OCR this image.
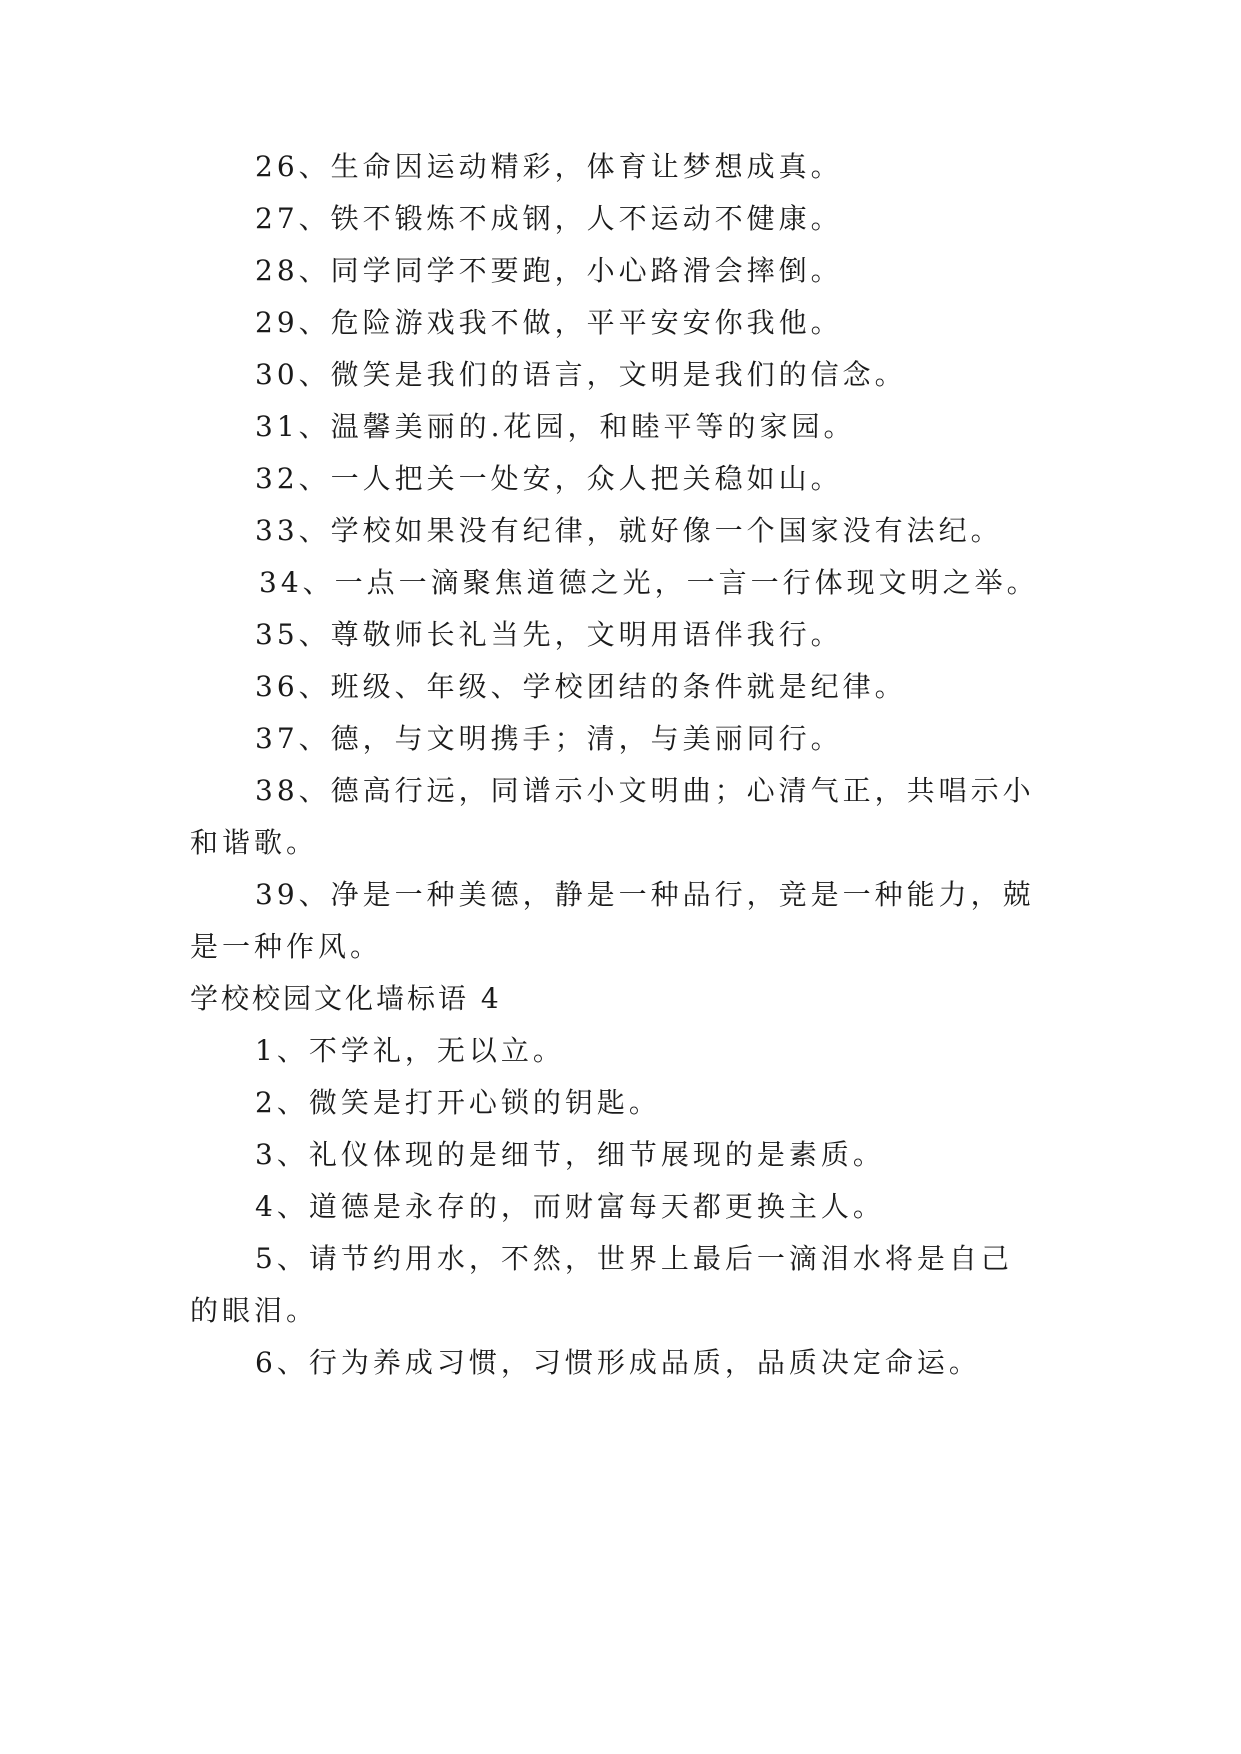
26、生命因运动精彩，体育让梦想成真。
27、铁不锻炼不成钢，人不运动不健康。
28、同学同学不要跑，小心路滑会摔倒。
29、危险游戏我不做，平平安安你我他。
30、微笑是我们的语言，文明是我们的信念。
31、温馨美丽的.花园，和睦平等的家园。
32、一人把关一处安，众人把关稳如山。
33、学校如果没有纪律，就好像一个国家没有法纪。
34、一点一滴聚焦道德之光，一言一行体现文明之举。
35、尊敬师长礼当先，文明用语伴我行。
36、班级、年级、学校团结的条件就是纪律。
37、德，与文明携手；清，与美丽同行。
38、德高行远，同谱示小文明曲；心清气正，共唱示小
和谐歌。
39、净是一种美德，静是一种品行，竞是一种能力，兢
是一种作风。
学校校园文化墙标语 4
1、不学礼，无以立。
2、微笑是打开心锁的钥匙。
3、礼仪体现的是细节，细节展现的是素质。
4、道德是永存的，而财富每天都更换主人。
5、请节约用水，不然，世界上最后一滴泪水将是自己
的眼泪。
6、行为养成习惯，习惯形成品质，品质决定命运。
